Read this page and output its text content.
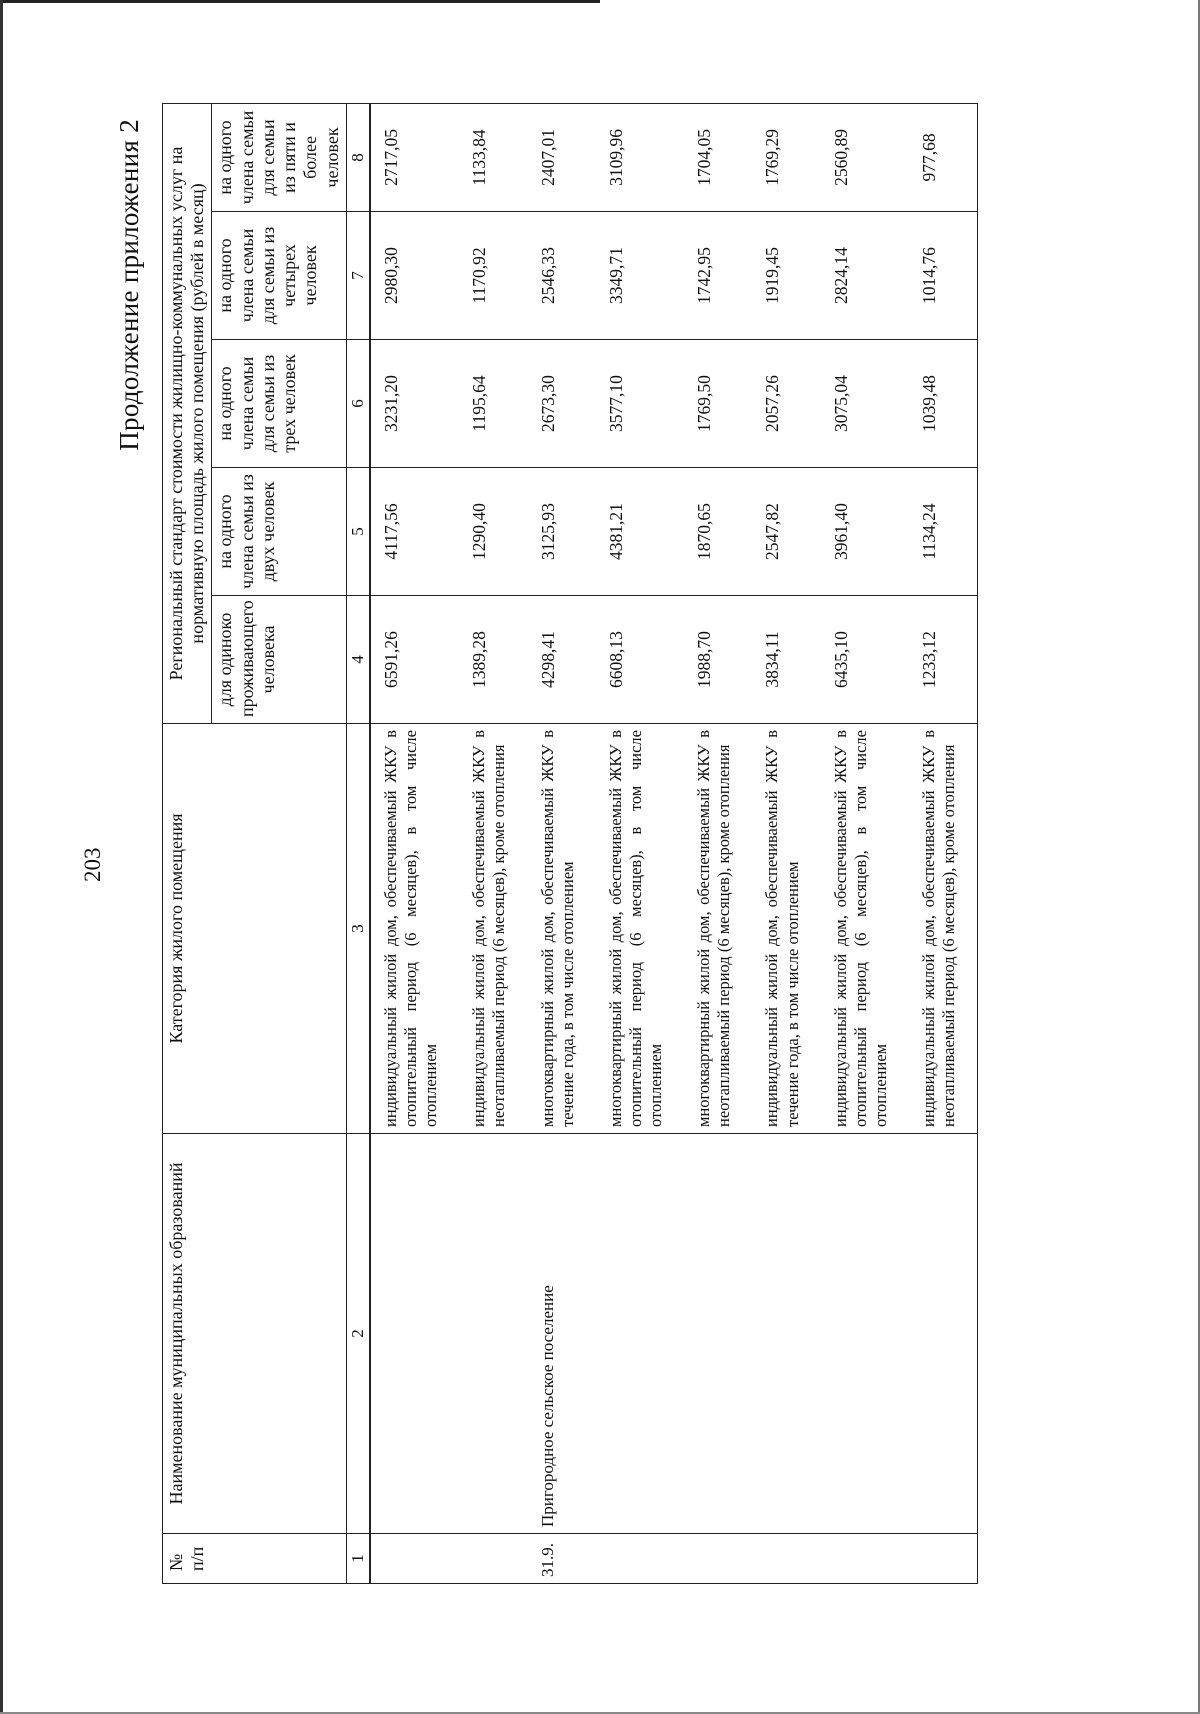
203
Продолжение приложения 2
№ п/п	Наименование муниципальных образований	Категория жилого помещения	Региональный стандарт стоимости жилищно-коммунальных услуг на нормативную площадь жилого помещения (рублей в месяц)				
			для одиноко проживающего человека	на одного члена семьи из двух человек	на одного члена семьи для семьи из трех человек	на одного члена семьи для семьи из четырех человек	на одного члена семьи для семьи из пяти и более человек
1	2	3	4	5	6	7	8
		индивидуальный жилой дом, обеспечиваемый ЖКУ в отопительный период (6 месяцев), в том числе отоплением	6591,26	4117,56	3231,20	2980,30	2717,05
		индивидуальный жилой дом, обеспечиваемый ЖКУ в неотапливаемый период (6 месяцев), кроме отопления	1389,28	1290,40	1195,64	1170,92	1133,84
31.9.	Пригородное сельское поселение	многоквартирный жилой дом, обеспечиваемый ЖКУ в течение года, в том числе отоплением	4298,41	3125,93	2673,30	2546,33	2407,01
		многоквартирный жилой дом, обеспечиваемый ЖКУ в отопительный период (6 месяцев), в том числе отоплением	6608,13	4381,21	3577,10	3349,71	3109,96
		многоквартирный жилой дом, обеспечиваемый ЖКУ в неотапливаемый период (6 месяцев), кроме отопления	1988,70	1870,65	1769,50	1742,95	1704,05
		индивидуальный жилой дом, обеспечиваемый ЖКУ в течение года, в том числе отоплением	3834,11	2547,82	2057,26	1919,45	1769,29
		индивидуальный жилой дом, обеспечиваемый ЖКУ в отопительный период (6 месяцев), в том числе отоплением	6435,10	3961,40	3075,04	2824,14	2560,89
		индивидуальный жилой дом, обеспечиваемый ЖКУ в неотапливаемый период (6 месяцев), кроме отопления	1233,12	1134,24	1039,48	1014,76	977,68
